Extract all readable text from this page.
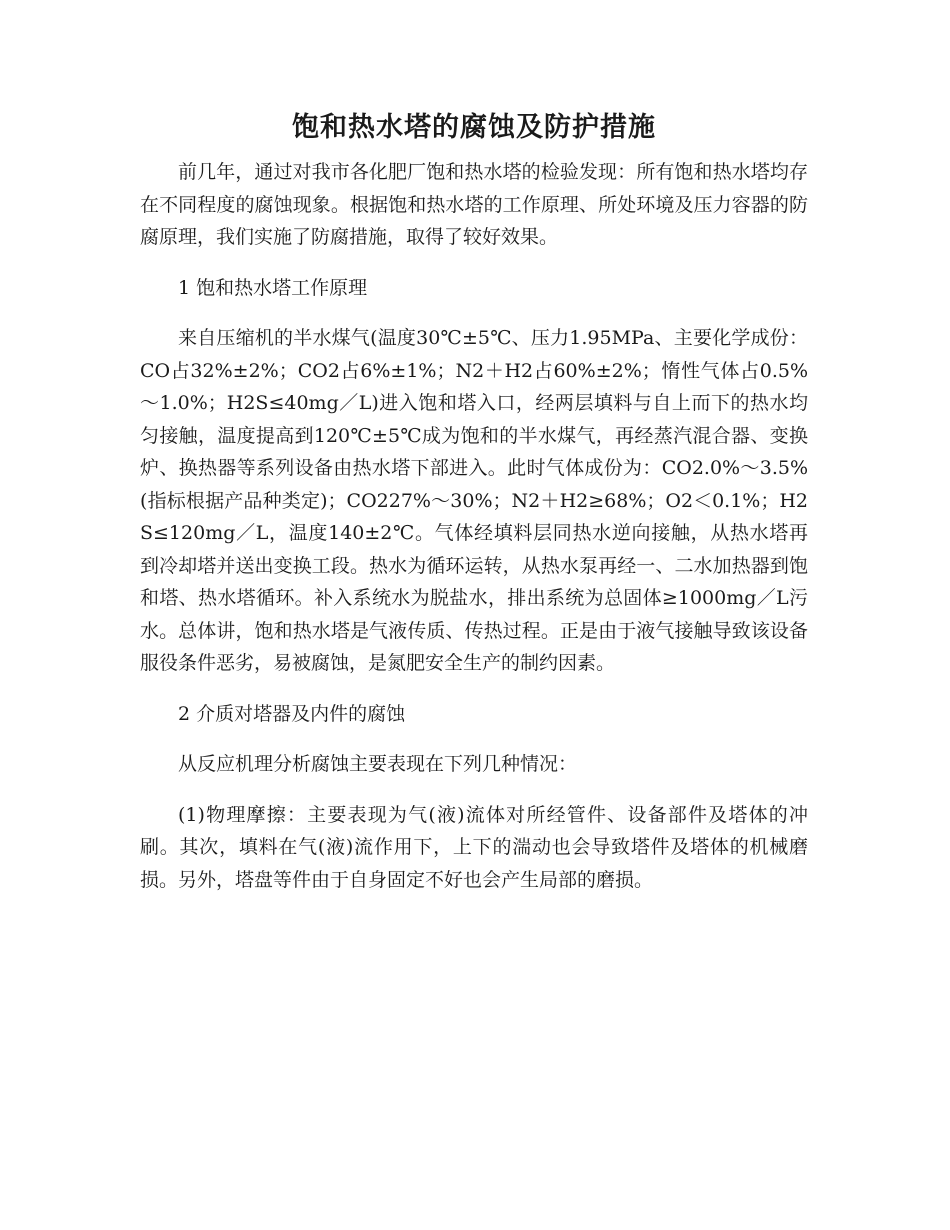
饱和热水塔的腐蚀及防护措施

前几年，通过对我市各化肥厂饱和热水塔的检验发现：所有饱和热水塔均存在不同程度的腐蚀现象。根据饱和热水塔的工作原理、所处环境及压力容器的防腐原理，我们实施了防腐措施，取得了较好效果。

1 饱和热水塔工作原理

来自压缩机的半水煤气(温度30℃±5℃、压力1.95MPa、主要化学成份：CO占32%±2%；CO2占6%±1%；N2＋H2占60%±2%；惰性气体占0.5%～1.0%；H2S≤40mg／L)进入饱和塔入口，经两层填料与自上而下的热水均匀接触，温度提高到120℃±5℃成为饱和的半水煤气，再经蒸汽混合器、变换炉、换热器等系列设备由热水塔下部进入。此时气体成份为：CO2.0%～3.5%(指标根据产品种类定)；CO227%～30%；N2＋H2≥68%；O2＜0.1%；H2S≤120mg／L，温度140±2℃。气体经填料层同热水逆向接触，从热水塔再到冷却塔并送出变换工段。热水为循环运转，从热水泵再经一、二水加热器到饱和塔、热水塔循环。补入系统水为脱盐水，排出系统为总固体≥1000mg／L污水。总体讲，饱和热水塔是气液传质、传热过程。正是由于液气接触导致该设备服役条件恶劣，易被腐蚀，是氮肥安全生产的制约因素。

2 介质对塔器及内件的腐蚀

从反应机理分析腐蚀主要表现在下列几种情况：

(1)物理摩擦：主要表现为气(液)流体对所经管件、设备部件及塔体的冲刷。其次，填料在气(液)流作用下，上下的湍动也会导致塔件及塔体的机械磨损。另外，塔盘等件由于自身固定不好也会产生局部的磨损。
